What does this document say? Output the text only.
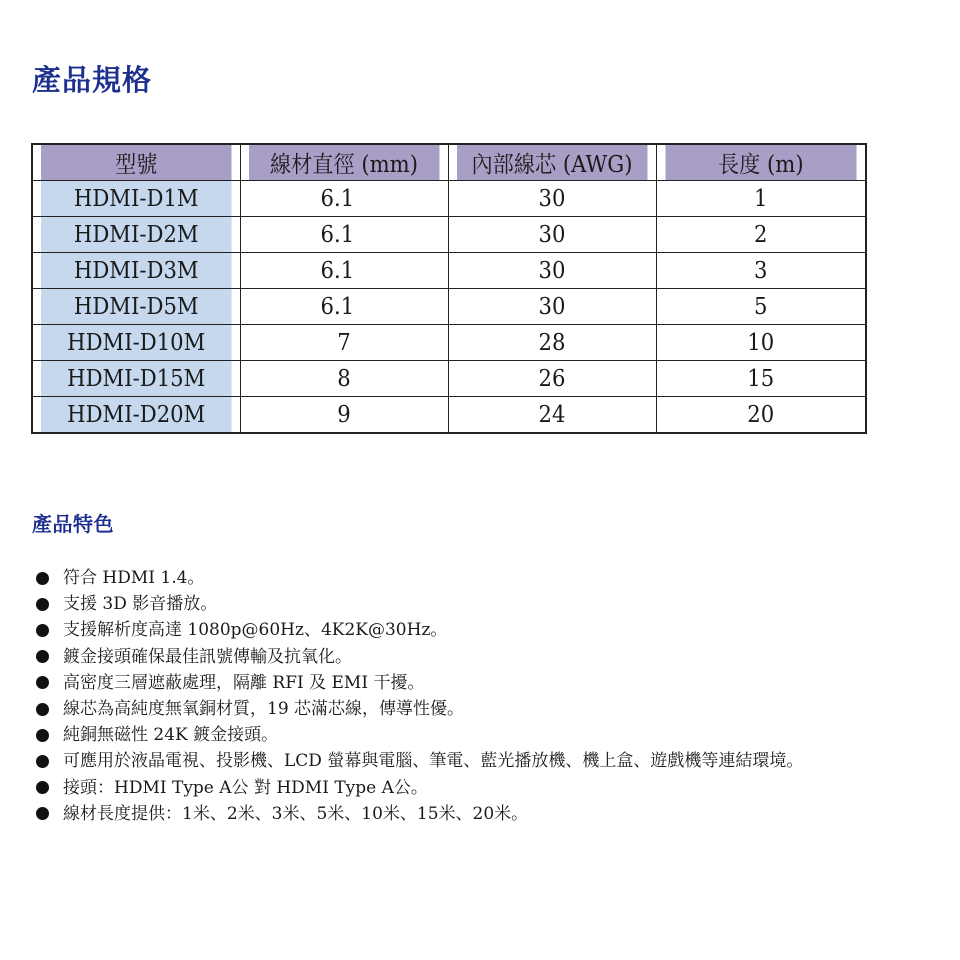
產品規格
型號	線材直徑 (mm)	內部線芯 (AWG)	長度 (m)
HDMI-D1M	6.1	30	1
HDMI-D2M	6.1	30	2
HDMI-D3M	6.1	30	3
HDMI-D5M	6.1	30	5
HDMI-D10M	7	28	10
HDMI-D15M	8	26	15
HDMI-D20M	9	24	20
產品特色
符合 HDMI 1.4。
支援 3D 影音播放。
支援解析度高達 1080p@60Hz、4K2K@30Hz。
鍍金接頭確保最佳訊號傳輸及抗氧化。
高密度三層遮蔽處理，隔離 RFI 及 EMI 干擾。
線芯為高純度無氧銅材質，19 芯滿芯線，傳導性優。
純銅無磁性 24K 鍍金接頭。
可應用於液晶電視、投影機、LCD 螢幕與電腦、筆電、藍光播放機、機上盒、遊戲機等連結環境。
接頭：HDMI Type A公 對 HDMI Type A公。
線材長度提供：1米、2米、3米、5米、10米、15米、20米。
